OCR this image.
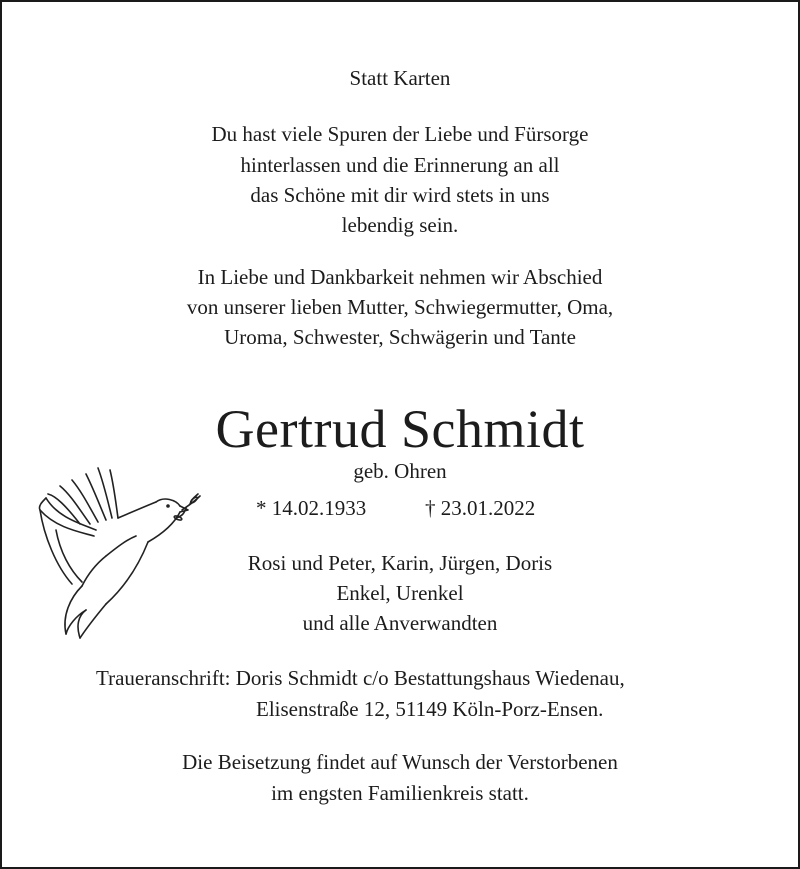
Statt Karten
Du hast viele Spuren der Liebe und Fürsorge
hinterlassen und die Erinnerung an all
das Schöne mit dir wird stets in uns
lebendig sein.
In Liebe und Dankbarkeit nehmen wir Abschied
von unserer lieben Mutter, Schwiegermutter, Oma,
Uroma, Schwester, Schwägerin und Tante
Gertrud Schmidt
geb. Ohren
* 14.02.1933	† 23.01.2022
Rosi und Peter, Karin, Jürgen, Doris
Enkel, Urenkel
und alle Anverwandten
Traueranschrift: Doris Schmidt c/o Bestattungshaus Wiedenau,
Elisenstraße 12, 51149 Köln-Porz-Ensen.
Die Beisetzung findet auf Wunsch der Verstorbenen
im engsten Familienkreis statt.
